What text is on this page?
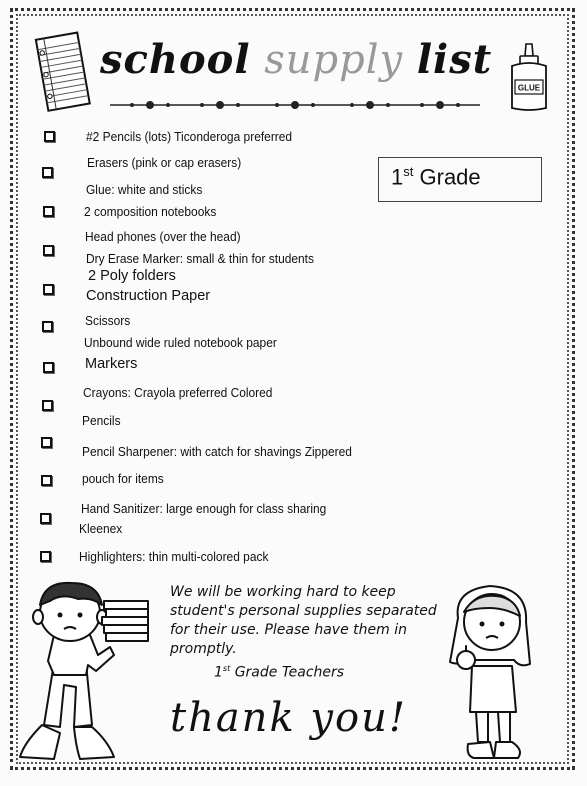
school supply list
GLUE
1st Grade
#2 Pencils (lots) Ticonderoga preferred
Erasers (pink or cap erasers)
Glue: white and sticks
2 composition notebooks
Head phones (over the head)
Dry Erase Marker: small & thin for students
2 Poly folders
Construction Paper
Scissors
Unbound wide ruled notebook paper
Markers
Crayons: Crayola preferred Colored
Pencils
Pencil Sharpener: with catch for shavings Zippered
pouch for items
Hand Sanitizer: large enough for class sharing
Kleenex
Highlighters: thin multi-colored pack

We will be working hard to keep

student's personal supplies separated

for their use. Please have them in

promptly.

1st Grade Teachers

thank you!
